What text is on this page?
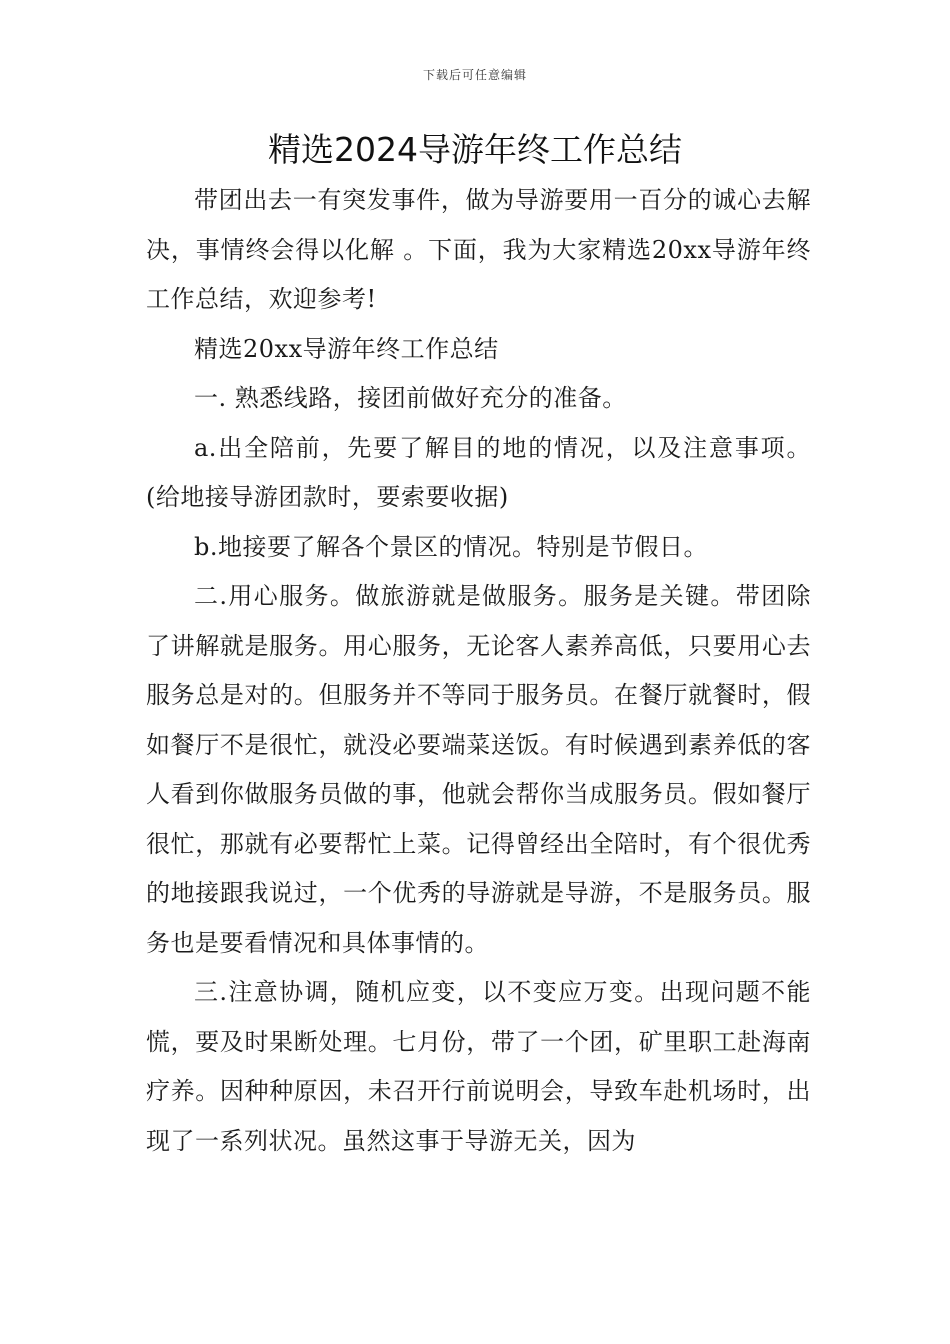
下载后可任意编辑
精选2024导游年终工作总结

带团出去一有突发事件，做为导游要用一百分的诚心去解决，事情终会得以化解 。下面，我为大家精选20xx导游年终工作总结，欢迎参考!

精选20xx导游年终工作总结

一. 熟悉线路，接团前做好充分的准备。

a.出全陪前，先要了解目的地的情况，以及注意事项。(给地接导游团款时，要索要收据)

b.地接要了解各个景区的情况。特别是节假日。

二.用心服务。做旅游就是做服务。服务是关键。带团除了讲解就是服务。用心服务，无论客人素养高低，只要用心去服务总是对的。但服务并不等同于服务员。在餐厅就餐时，假如餐厅不是很忙，就没必要端菜送饭。有时候遇到素养低的客人看到你做服务员做的事，他就会帮你当成服务员。假如餐厅很忙，那就有必要帮忙上菜。记得曾经出全陪时，有个很优秀的地接跟我说过，一个优秀的导游就是导游，不是服务员。服务也是要看情况和具体事情的。

三.注意协调，随机应变，以不变应万变。出现问题不能慌，要及时果断处理。七月份，带了一个团，矿里职工赴海南疗养。因种种原因，未召开行前说明会，导致车赴机场时，出现了一系列状况。虽然这事于导游无关，因为
